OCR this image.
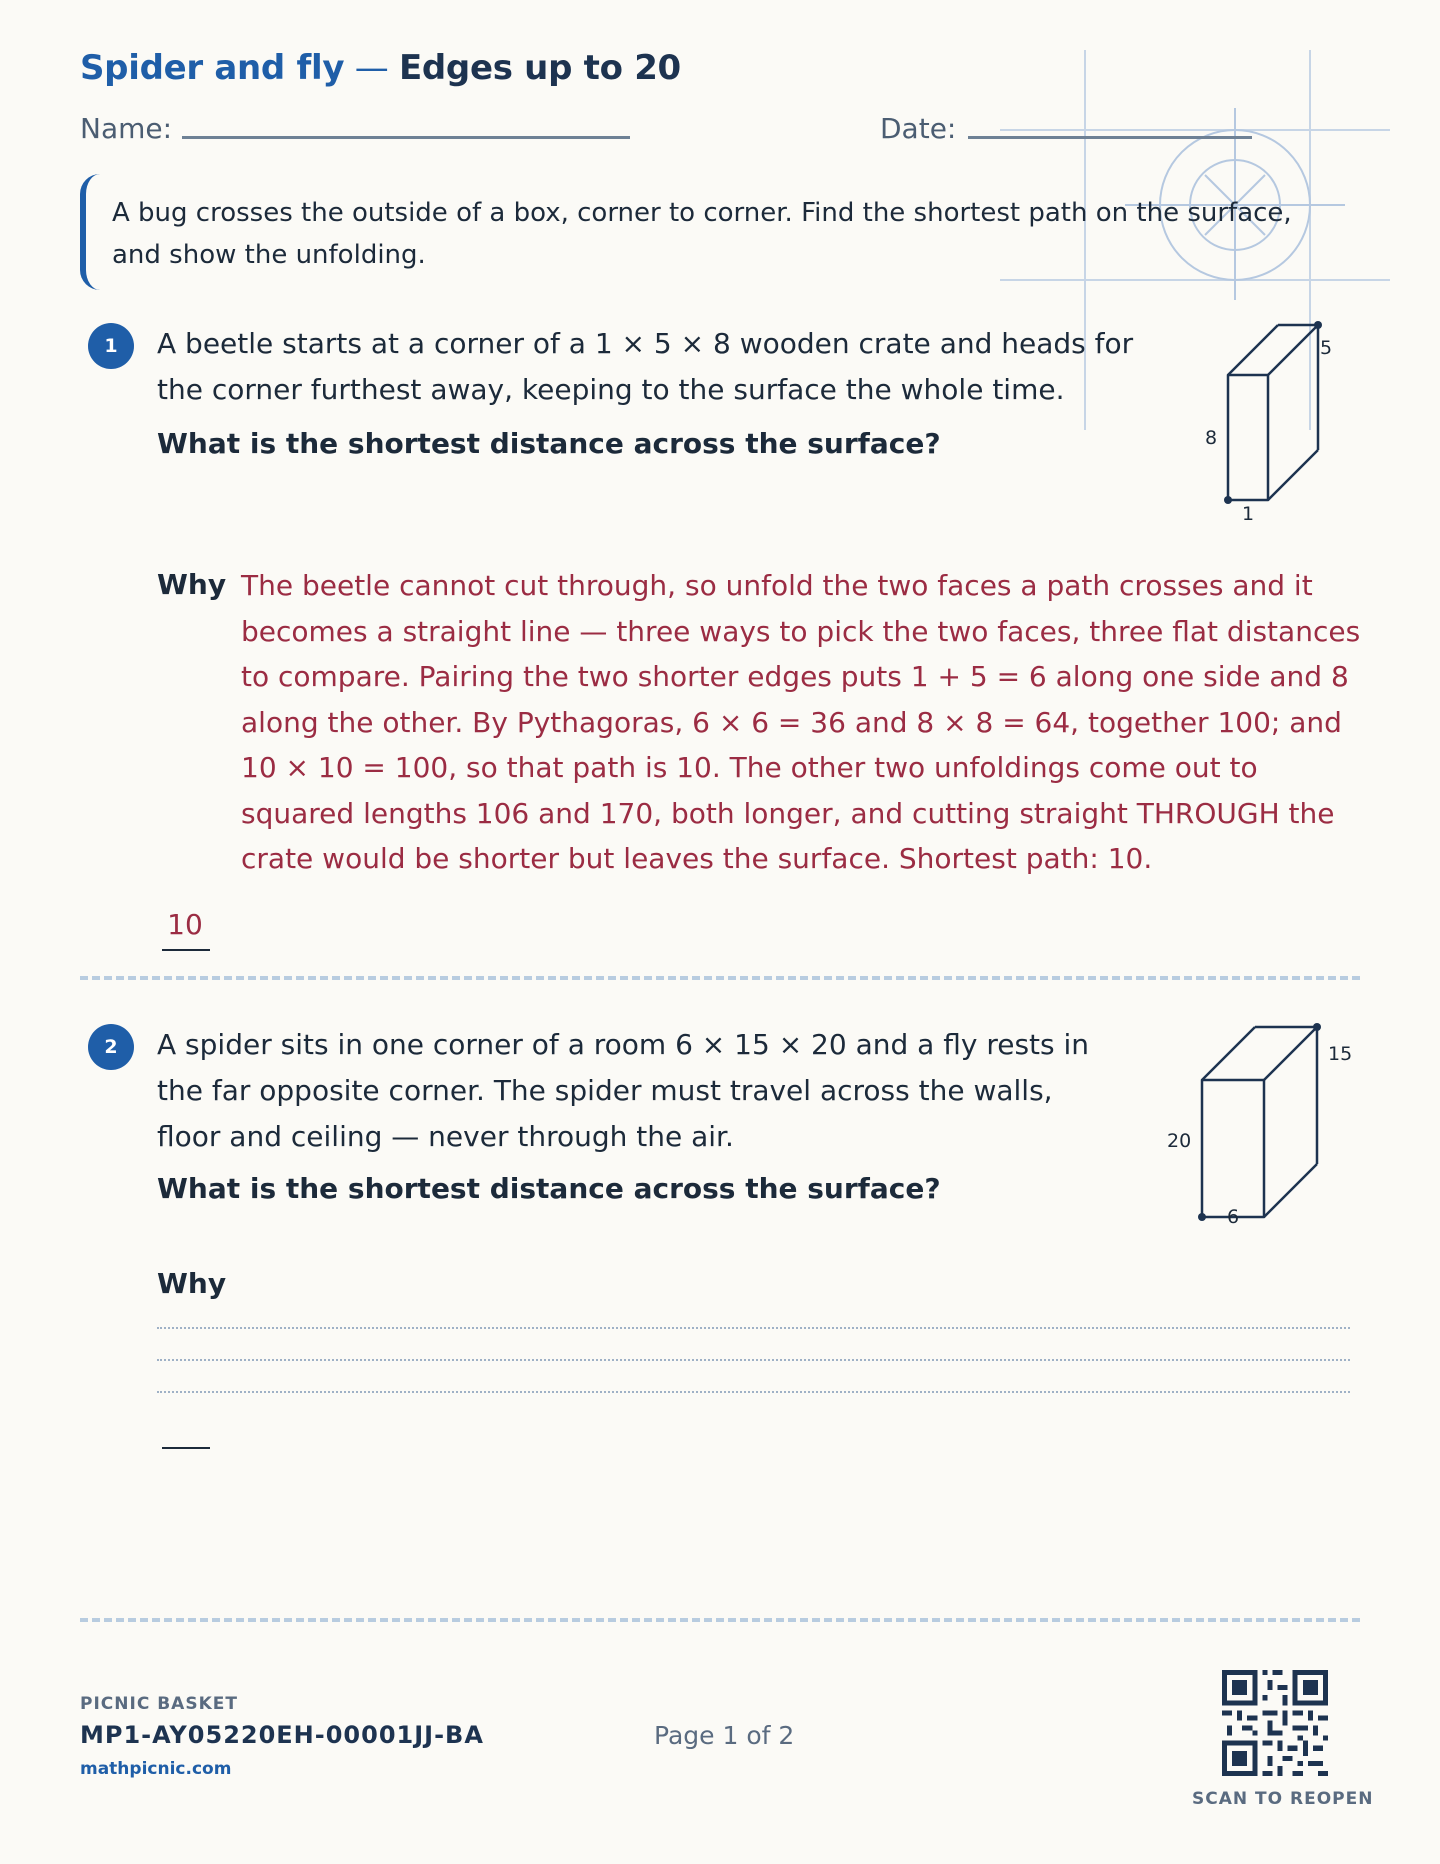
Spider and fly — Edges up to 20
Name:	Date:
A bug crosses the outside of a box, corner to corner. Find the shortest path on the surface, and show the unfolding.
1	A beetle starts at a corner of a 1 × 5 × 8 wooden crate and heads for the corner furthest away, keeping to the surface the whole time.
What is the shortest distance across the surface?
5
8
1
Why The beetle cannot cut through, so unfold the two faces a path crosses and it becomes a straight line — three ways to pick the two faces, three flat distances to compare. Pairing the two shorter edges puts 1 + 5 = 6 along one side and 8 along the other. By Pythagoras, 6 × 6 = 36 and 8 × 8 = 64, together 100; and 10 × 10 = 100, so that path is 10. The other two unfoldings come out to squared lengths 106 and 170, both longer, and cutting straight THROUGH the crate would be shorter but leaves the surface. Shortest path: 10.
10
2	A spider sits in one corner of a room 6 × 15 × 20 and a fly rests in the far opposite corner. The spider must travel across the walls, floor and ceiling — never through the air.
What is the shortest distance across the surface?
15
20
6
Why
PICNIC BASKET
MP1-AY05220EH-00001JJ-BA
mathpicnic.com
Page 1 of 2
SCAN TO REOPEN
